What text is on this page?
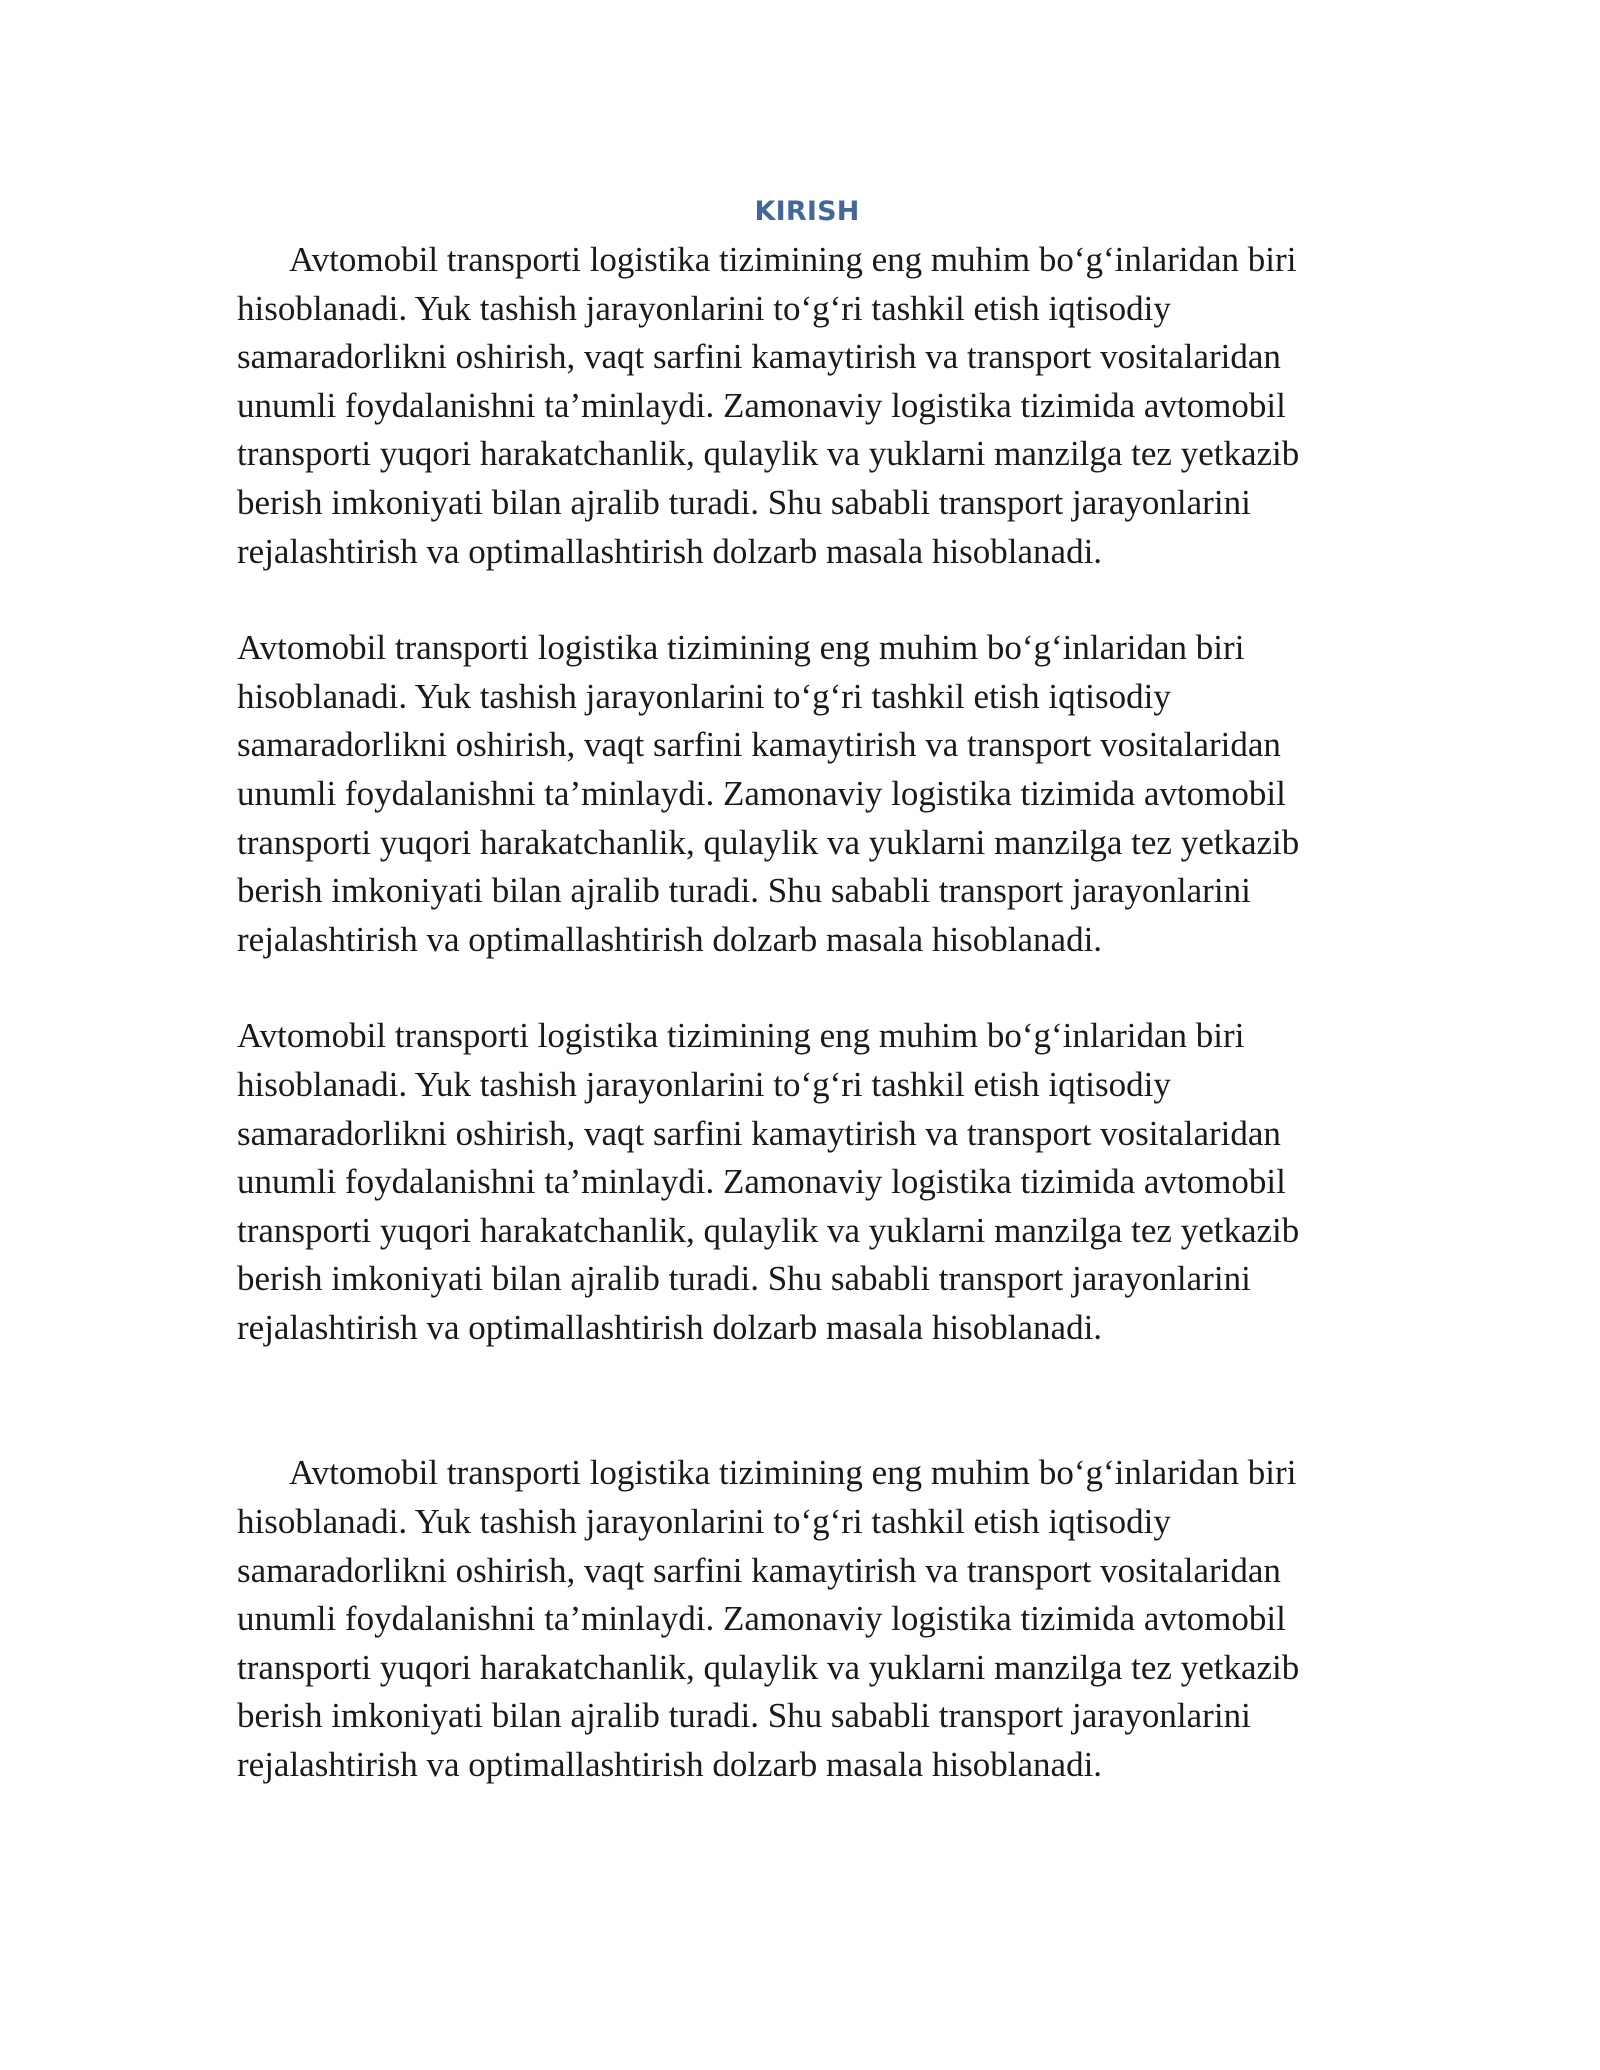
KIRISH

Avtomobil transporti logistika tizimining eng muhim bo‘g‘inlaridan biri
hisoblanadi. Yuk tashish jarayonlarini to‘g‘ri tashkil etish iqtisodiy
samaradorlikni oshirish, vaqt sarfini kamaytirish va transport vositalaridan
unumli foydalanishni ta’minlaydi. Zamonaviy logistika tizimida avtomobil
transporti yuqori harakatchanlik, qulaylik va yuklarni manzilga tez yetkazib
berish imkoniyati bilan ajralib turadi. Shu sababli transport jarayonlarini
rejalashtirish va optimallashtirish dolzarb masala hisoblanadi.

Avtomobil transporti logistika tizimining eng muhim bo‘g‘inlaridan biri
hisoblanadi. Yuk tashish jarayonlarini to‘g‘ri tashkil etish iqtisodiy
samaradorlikni oshirish, vaqt sarfini kamaytirish va transport vositalaridan
unumli foydalanishni ta’minlaydi. Zamonaviy logistika tizimida avtomobil
transporti yuqori harakatchanlik, qulaylik va yuklarni manzilga tez yetkazib
berish imkoniyati bilan ajralib turadi. Shu sababli transport jarayonlarini
rejalashtirish va optimallashtirish dolzarb masala hisoblanadi.

Avtomobil transporti logistika tizimining eng muhim bo‘g‘inlaridan biri
hisoblanadi. Yuk tashish jarayonlarini to‘g‘ri tashkil etish iqtisodiy
samaradorlikni oshirish, vaqt sarfini kamaytirish va transport vositalaridan
unumli foydalanishni ta’minlaydi. Zamonaviy logistika tizimida avtomobil
transporti yuqori harakatchanlik, qulaylik va yuklarni manzilga tez yetkazib
berish imkoniyati bilan ajralib turadi. Shu sababli transport jarayonlarini
rejalashtirish va optimallashtirish dolzarb masala hisoblanadi.

Avtomobil transporti logistika tizimining eng muhim bo‘g‘inlaridan biri
hisoblanadi. Yuk tashish jarayonlarini to‘g‘ri tashkil etish iqtisodiy
samaradorlikni oshirish, vaqt sarfini kamaytirish va transport vositalaridan
unumli foydalanishni ta’minlaydi. Zamonaviy logistika tizimida avtomobil
transporti yuqori harakatchanlik, qulaylik va yuklarni manzilga tez yetkazib
berish imkoniyati bilan ajralib turadi. Shu sababli transport jarayonlarini
rejalashtirish va optimallashtirish dolzarb masala hisoblanadi.
